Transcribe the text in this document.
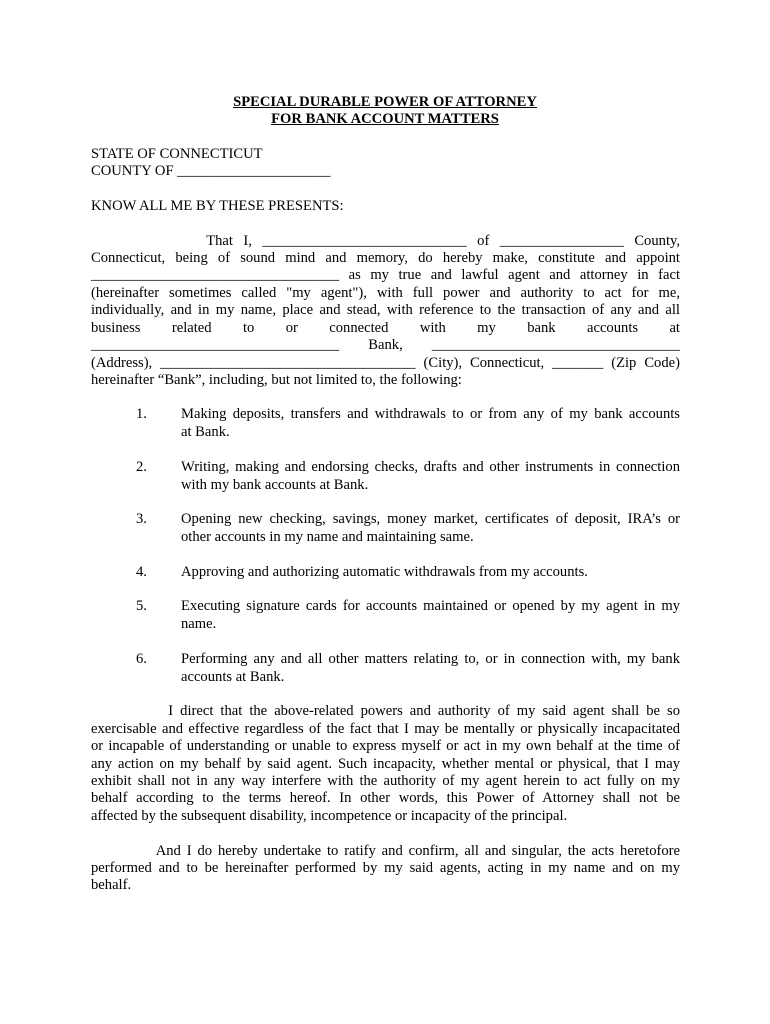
SPECIAL DURABLE POWER OF ATTORNEY
FOR BANK ACCOUNT MATTERS
STATE OF CONNECTICUT
COUNTY OF _____________________
KNOW ALL ME BY THESE PRESENTS:
That I, ____________________________ of _________________ County,
Connecticut, being of sound mind and memory, do hereby make, constitute and appoint
__________________________________ as my true and lawful agent and attorney in fact
(hereinafter sometimes called "my agent"), with full power and authority to act for me,
individually, and in my name, place and stead, with reference to the transaction of any and all
business related to or connected with my bank accounts at
__________________________________ Bank, __________________________________
(Address), ___________________________________ (City), Connecticut, _______ (Zip Code)
hereinafter “Bank”, including, but not limited to, the following:
1. Making deposits, transfers and withdrawals to or from any of my bank accounts
at Bank.
2. Writing, making and endorsing checks, drafts and other instruments in connection
with my bank accounts at Bank.
3. Opening new checking, savings, money market, certificates of deposit, IRA’s or
other accounts in my name and maintaining same.
4. Approving and authorizing automatic withdrawals from my accounts.
5. Executing signature cards for accounts maintained or opened by my agent in my
name.
6. Performing any and all other matters relating to, or in connection with, my bank
accounts at Bank.
I direct that the above-related powers and authority of my said agent shall be so
exercisable and effective regardless of the fact that I may be mentally or physically incapacitated
or incapable of understanding or unable to express myself or act in my own behalf at the time of
any action on my behalf by said agent. Such incapacity, whether mental or physical, that I may
exhibit shall not in any way interfere with the authority of my agent herein to act fully on my
behalf according to the terms hereof. In other words, this Power of Attorney shall not be
affected by the subsequent disability, incompetence or incapacity of the principal.
And I do hereby undertake to ratify and confirm, all and singular, the acts heretofore
performed and to be hereinafter performed by my said agents, acting in my name and on my
behalf.
